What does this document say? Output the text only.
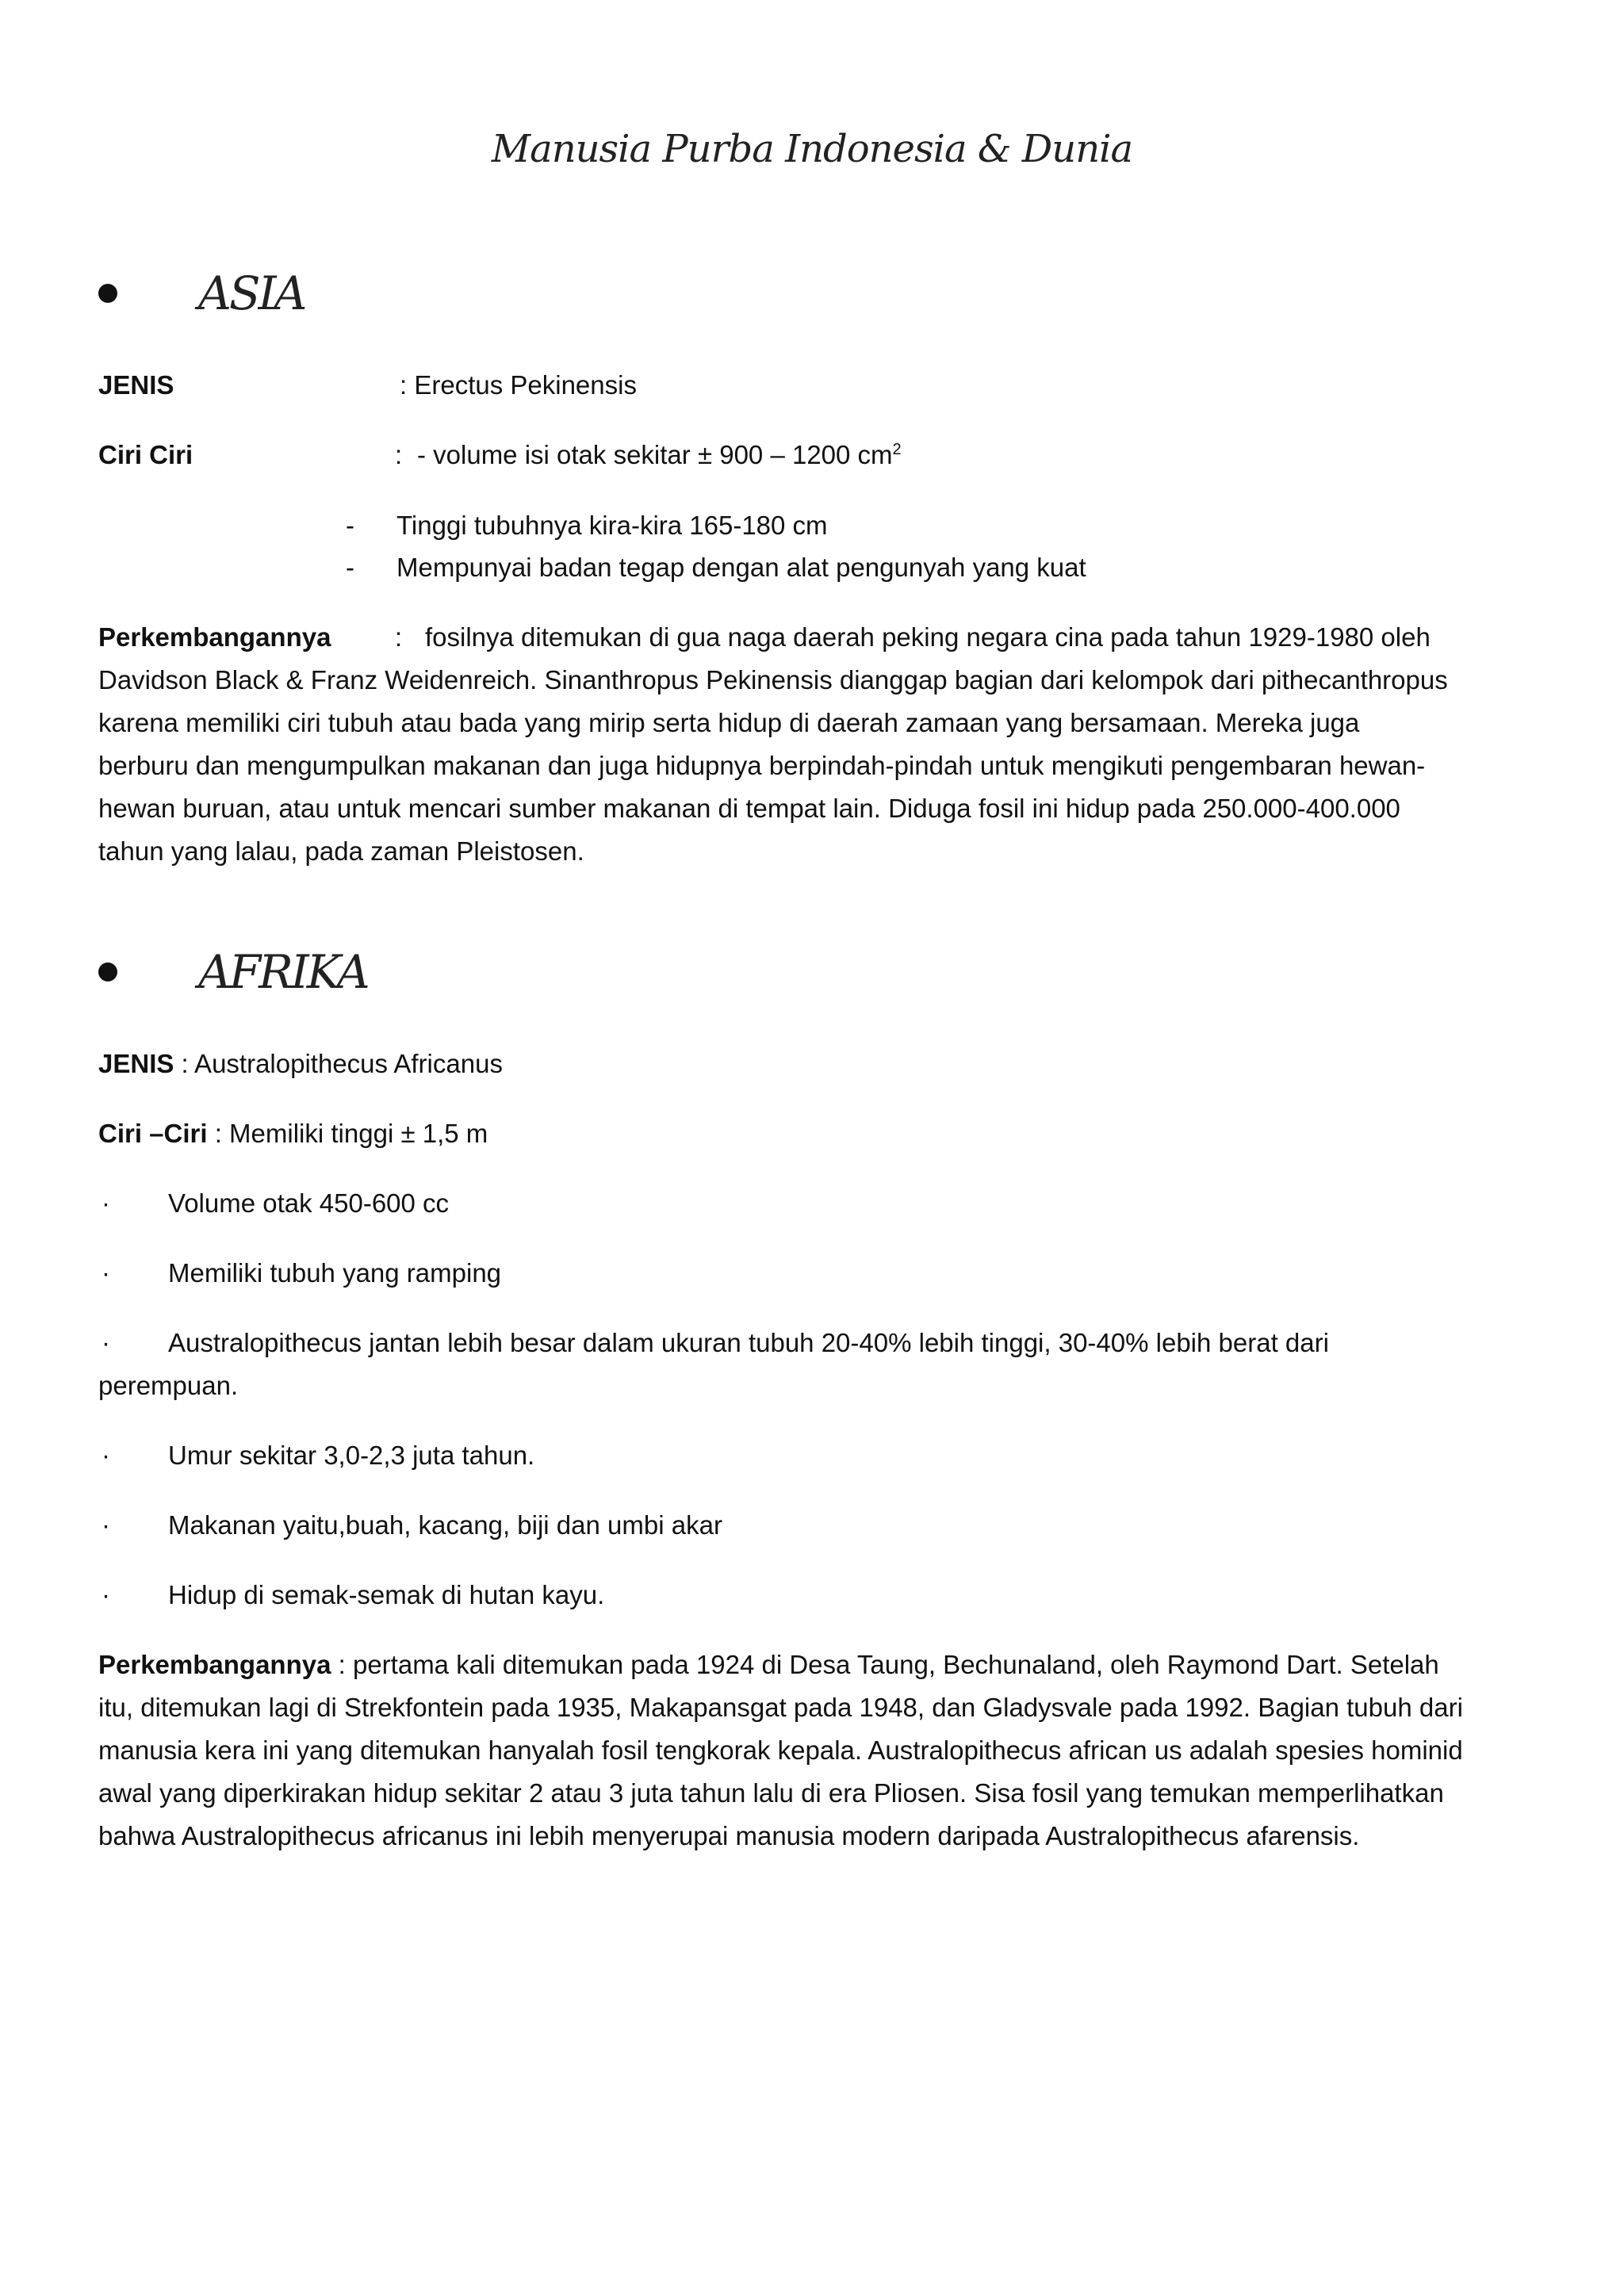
Manusia Purba Indonesia & Dunia
ASIA
JENIS	: Erectus Pekinensis
Ciri Ciri	: - volume isi otak sekitar ± 900 – 1200 $cm^2$
- Tinggi tubuhnya kira-kira 165-180 cm
- Mempunyai badan tegap dengan alat pengunyah yang kuat
Perkembangannya : fosilnya ditemukan di gua naga daerah peking negara cina pada tahun 1929-1980 oleh
Davidson Black & Franz Weidenreich. Sinanthropus Pekinensis dianggap bagian dari kelompok dari pithecanthropus
karena memiliki ciri tubuh atau bada yang mirip serta hidup di daerah zamaan yang bersamaan. Mereka juga
berburu dan mengumpulkan makanan dan juga hidupnya berpindah-pindah untuk mengikuti pengembaran hewan-
hewan buruan, atau untuk mencari sumber makanan di tempat lain. Diduga fosil ini hidup pada 250.000-400.000
tahun yang lalau, pada zaman Pleistosen.
AFRIKA
JENIS : Australopithecus Africanus
Ciri –Ciri : Memiliki tinggi ± 1,5 m
· Volume otak 450-600 cc
· Memiliki tubuh yang ramping
· Australopithecus jantan lebih besar dalam ukuran tubuh 20-40% lebih tinggi, 30-40% lebih berat dari
perempuan.
· Umur sekitar 3,0-2,3 juta tahun.
· Makanan yaitu,buah, kacang, biji dan umbi akar
· Hidup di semak-semak di hutan kayu.
Perkembangannya : pertama kali ditemukan pada 1924 di Desa Taung, Bechunaland, oleh Raymond Dart. Setelah
itu, ditemukan lagi di Strekfontein pada 1935, Makapansgat pada 1948, dan Gladysvale pada 1992. Bagian tubuh dari
manusia kera ini yang ditemukan hanyalah fosil tengkorak kepala. Australopithecus african us adalah spesies hominid
awal yang diperkirakan hidup sekitar 2 atau 3 juta tahun lalu di era Pliosen. Sisa fosil yang temukan memperlihatkan
bahwa Australopithecus africanus ini lebih menyerupai manusia modern daripada Australopithecus afarensis.
